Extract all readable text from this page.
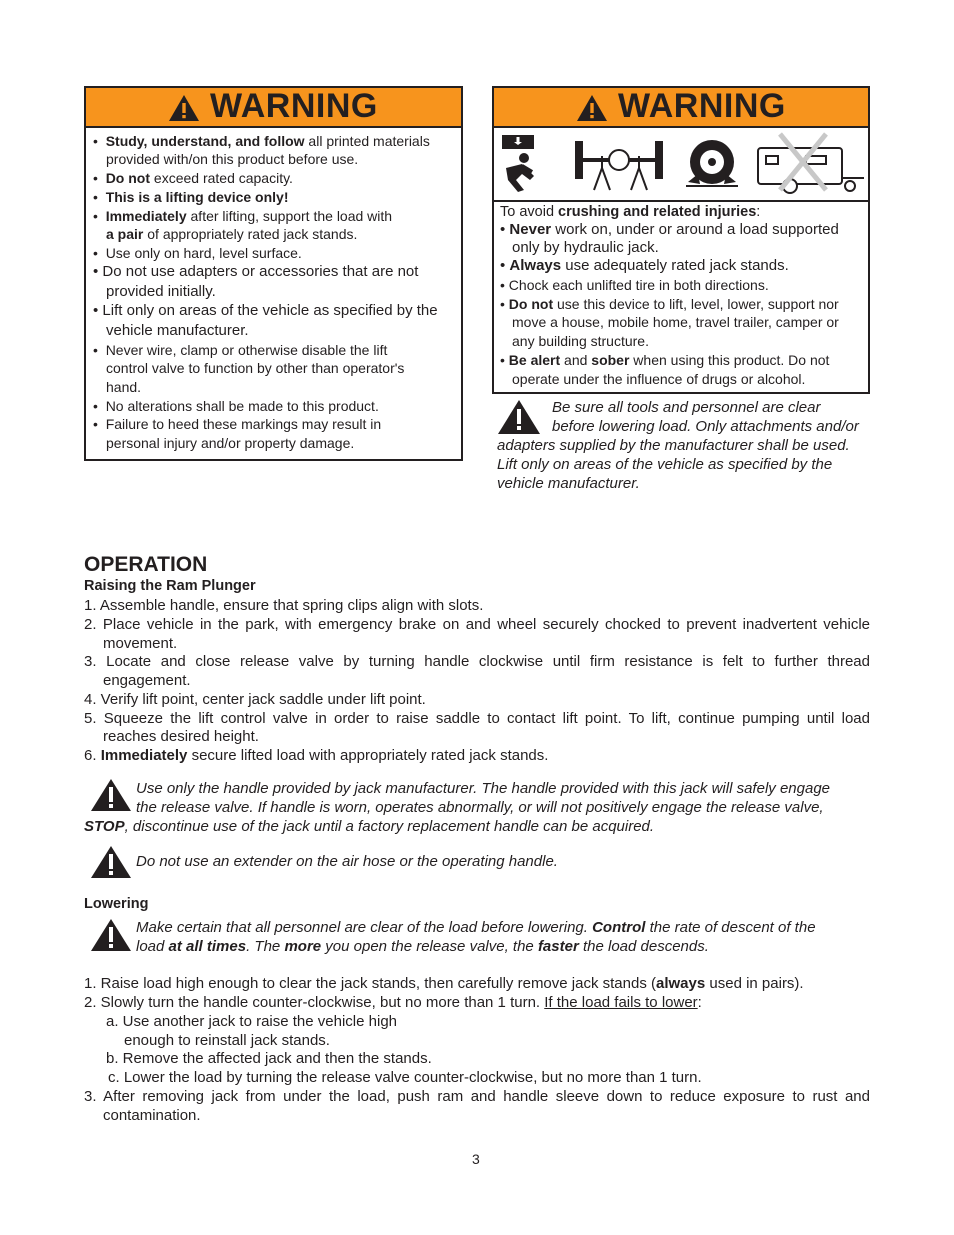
WARNING
•  Study, understand, and follow all printed materials
provided with/on this product before use.
•  Do not exceed rated capacity.
•  This is a lifting device only!
•  Immediately after lifting, support the load with
a pair of appropriately rated jack stands.
•  Use only on hard, level surface.
• Do not use adapters or accessories that are not
provided initially.
• Lift only on areas of the vehicle as specified by the
vehicle manufacturer.
•  Never wire, clamp or otherwise disable the lift
control valve to function by other than operator's
hand.
•  No alterations shall be made to this product.
•  Failure to heed these markings may result in
personal injury and/or property damage.
WARNING
To avoid crushing and related injuries:
• Never work on, under or around a load supported
only by hydraulic jack.
• Always use adequately rated jack stands.
• Chock each unlifted tire in both directions.
• Do not use this device to lift, level, lower, support nor
move a house, mobile home, travel trailer, camper or
any building structure.
• Be alert and sober when using this product. Do not
operate under the influence of drugs or alcohol.
Be sure all tools and personnel are clear
before lowering load. Only attachments and/or
adapters supplied by the manufacturer shall be used.
Lift only on areas of the vehicle as specified by the
vehicle manufacturer.
OPERATION
Raising the Ram Plunger
1. Assemble handle, ensure that spring clips align with slots.
2. Place vehicle in the park, with emergency brake on and wheel securely chocked to prevent inadvertent vehicle
movement.
3. Locate and close release valve by turning handle clockwise until firm resistance is felt to further thread
engagement.
4. Verify lift point, center jack saddle under lift point.
5. Squeeze the lift control valve in order to raise saddle to contact lift point. To lift, continue pumping until load
reaches desired height.
6. Immediately secure lifted load with appropriately rated jack stands.
Use only the handle provided by jack manufacturer. The handle provided with this jack will safely engage
the release valve. If handle is worn, operates abnormally, or will not positively engage the release valve,
STOP, discontinue use of the jack until a factory replacement handle can be acquired.
Do not use an extender on the air hose or the operating handle.
Lowering
Make certain that all personnel are clear of the load before lowering. Control the rate of descent of the
load at all times. The more you open the release valve, the faster the load descends.
1. Raise load high enough to clear the jack stands, then carefully remove jack stands (always used in pairs).
2. Slowly turn the handle counter-clockwise, but no more than 1 turn. If the load fails to lower:
a. Use another jack to raise the vehicle high
enough to reinstall jack stands.
b. Remove the affected jack and then the stands.
c. Lower the load by turning the release valve counter-clockwise, but no more than 1 turn.
3. After removing jack from under the load, push ram and handle sleeve down to reduce exposure to rust and
contamination.
3
